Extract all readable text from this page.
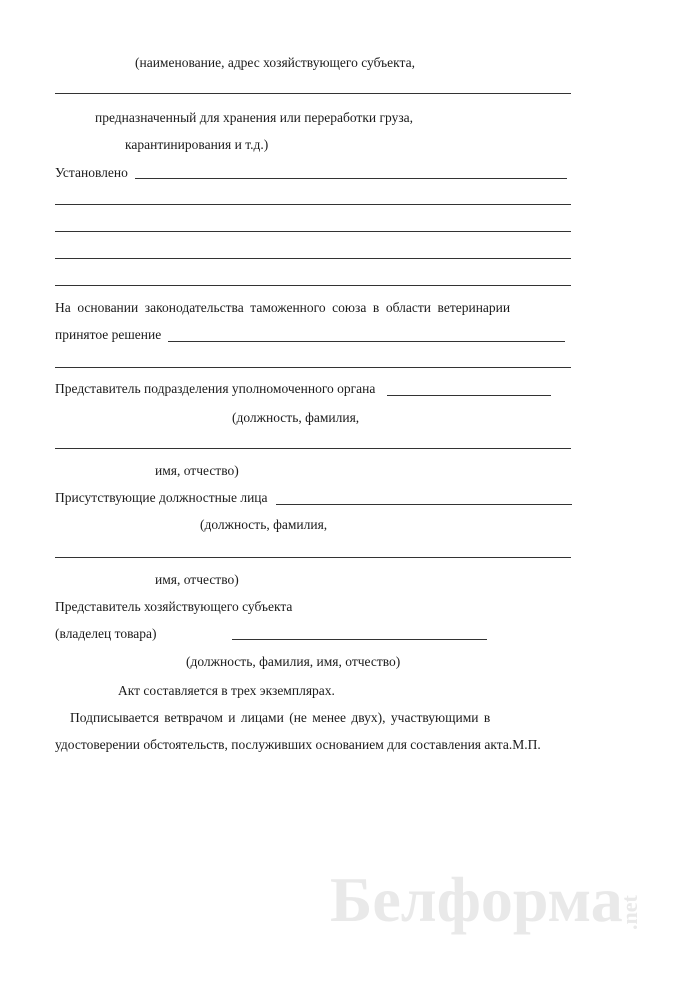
(наименование, адрес хозяйствующего субъекта,
предназначенный для хранения или переработки груза,
карантинирования и т.д.)
Установлено
На основании законодательства таможенного союза в области ветеринарии
принятое решение
Представитель подразделения уполномоченного органа
(должность, фамилия,
имя, отчество)
Присутствующие должностные лица
(должность, фамилия,
имя, отчество)
Представитель хозяйствующего субъекта
(владелец товара)
(должность, фамилия, имя, отчество)
Акт составляется в трех экземплярах.
Подписывается ветврачом и лицами (не менее двух), участвующими в
удостоверении обстоятельств, послуживших основанием для составления акта.М.П.
Белформа
.net
